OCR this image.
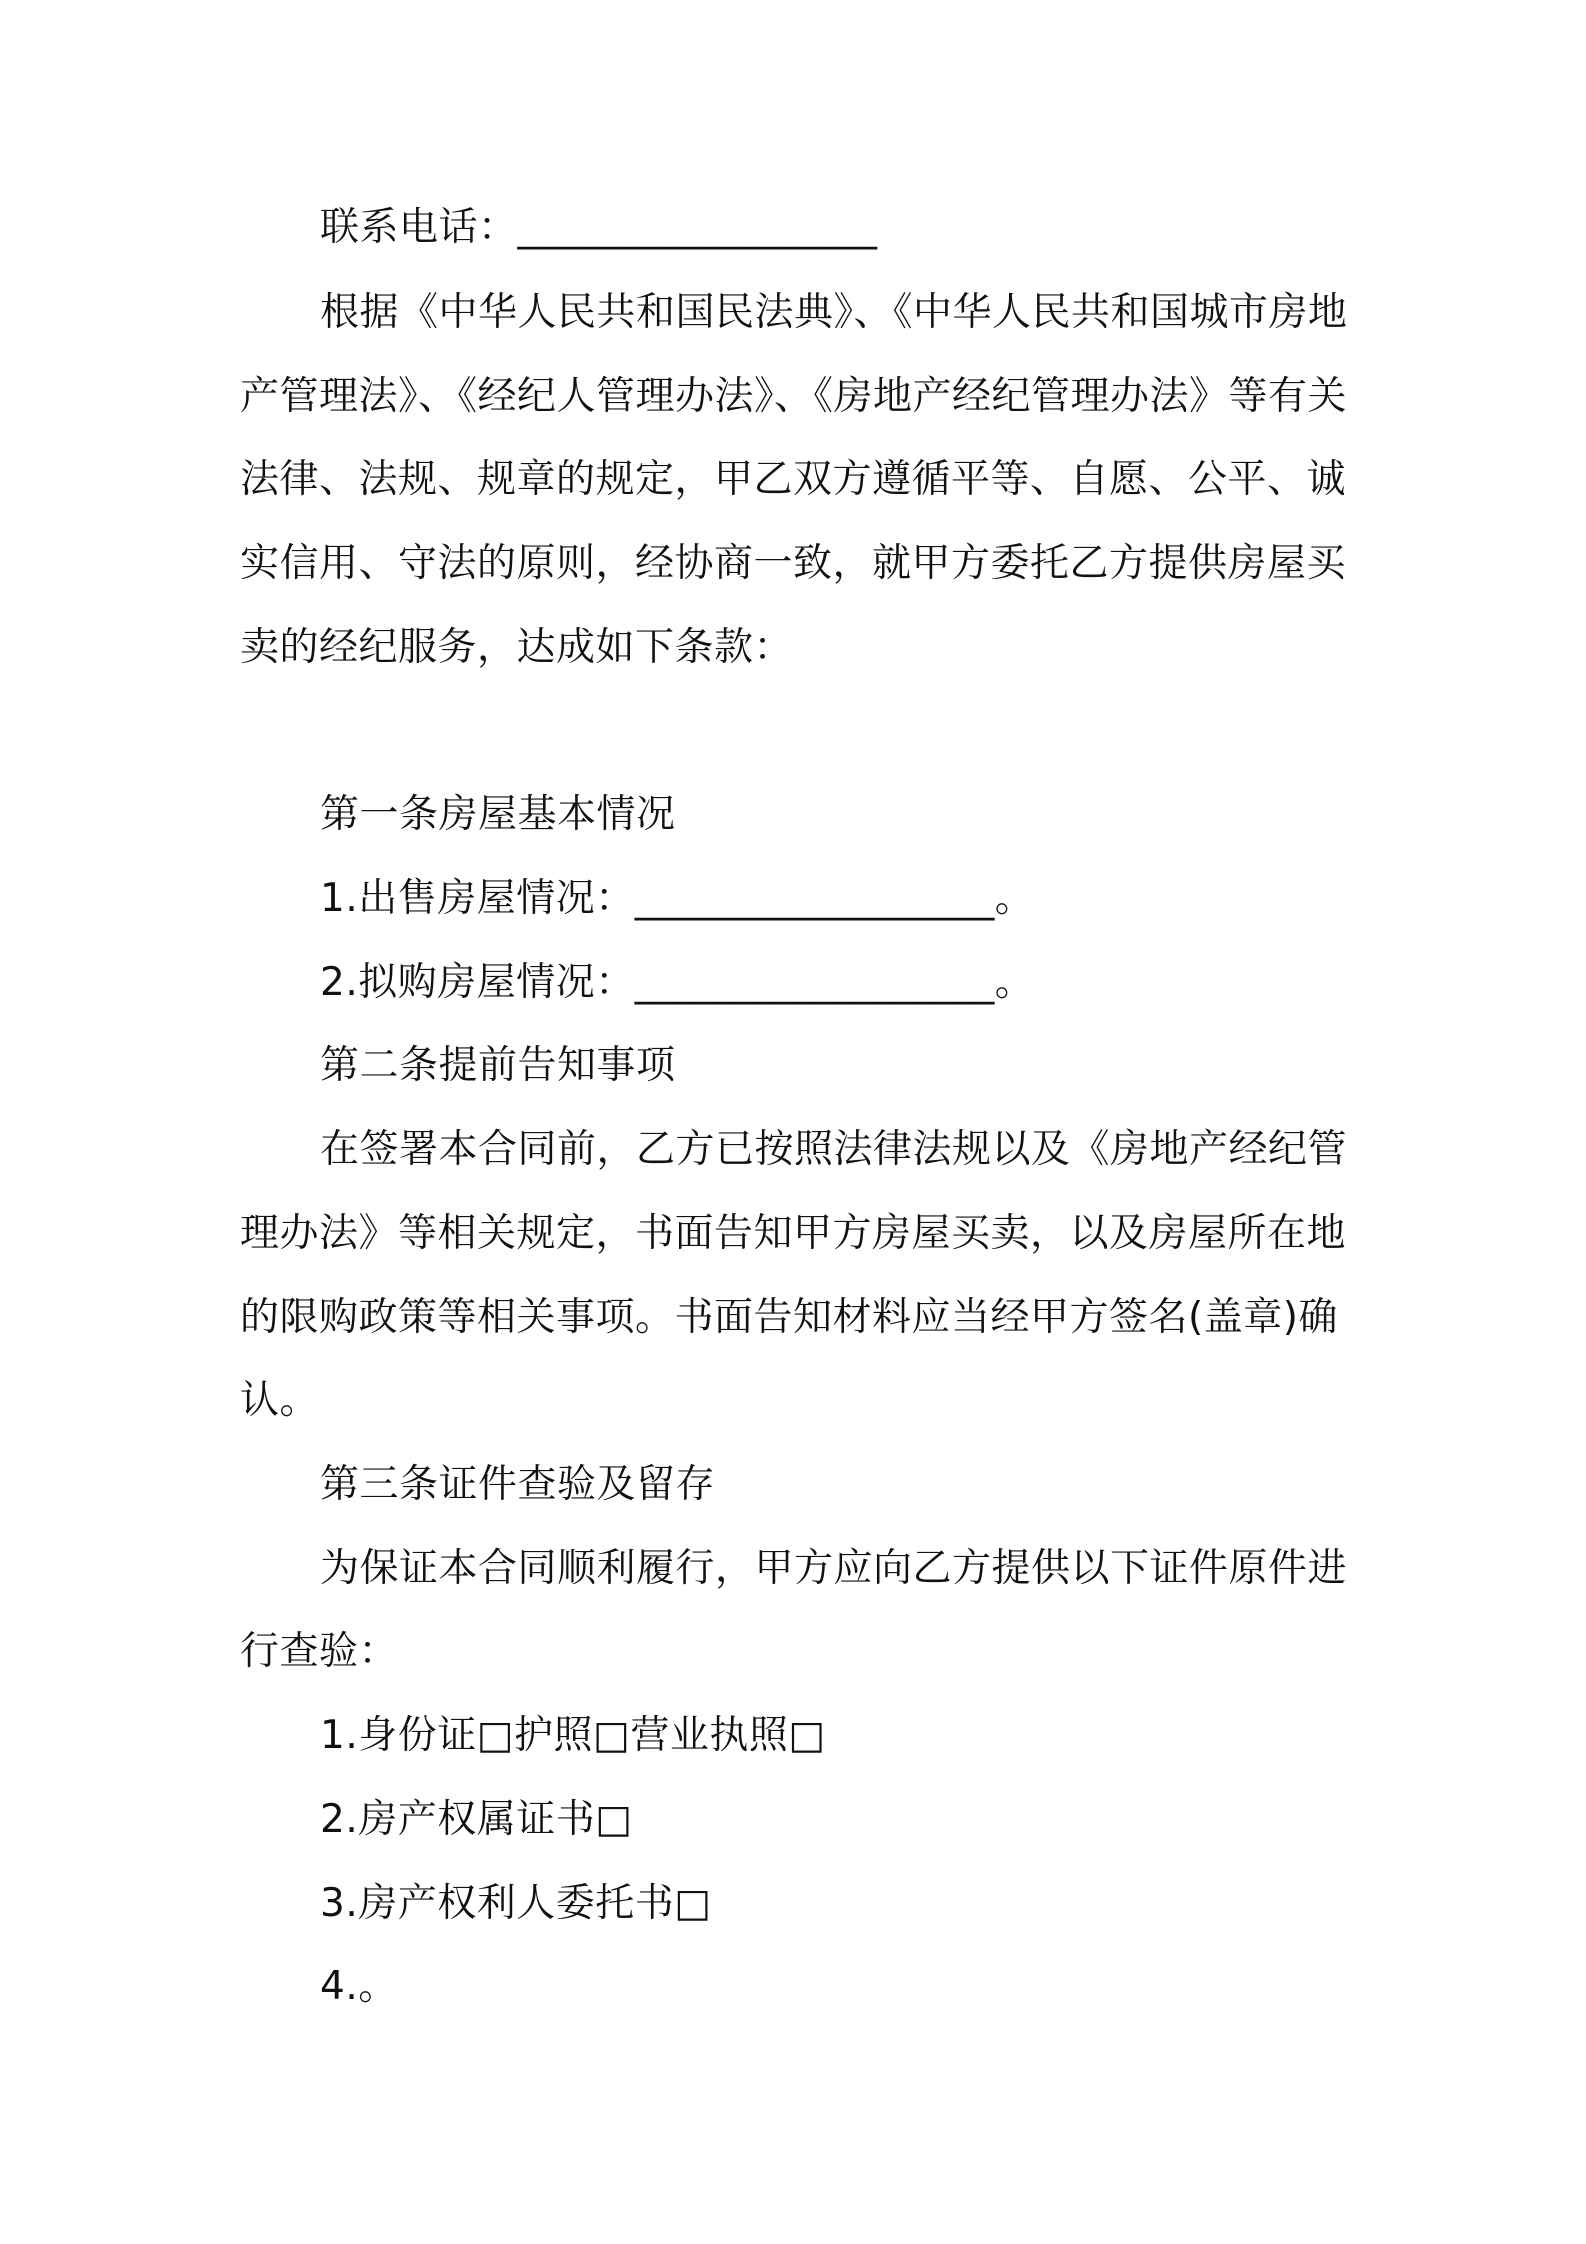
联系电话：__________________
根据《中华人民共和国民法典》、《中华人民共和国城市房地
产管理法》、《经纪人管理办法》、《房地产经纪管理办法》等有关
法律、法规、规章的规定，甲乙双方遵循平等、自愿、公平、诚
实信用、守法的原则，经协商一致，就甲方委托乙方提供房屋买
卖的经纪服务，达成如下条款：
第一条房屋基本情况
1.出售房屋情况：__________________。
2.拟购房屋情况：__________________。
第二条提前告知事项
在签署本合同前，乙方已按照法律法规以及《房地产经纪管
理办法》等相关规定，书面告知甲方房屋买卖，以及房屋所在地
的限购政策等相关事项。书面告知材料应当经甲方签名(盖章)确
认。
第三条证件查验及留存
为保证本合同顺利履行，甲方应向乙方提供以下证件原件进
行查验：
1.身份证□护照□营业执照□
2.房产权属证书□
3.房产权利人委托书□
4.。
